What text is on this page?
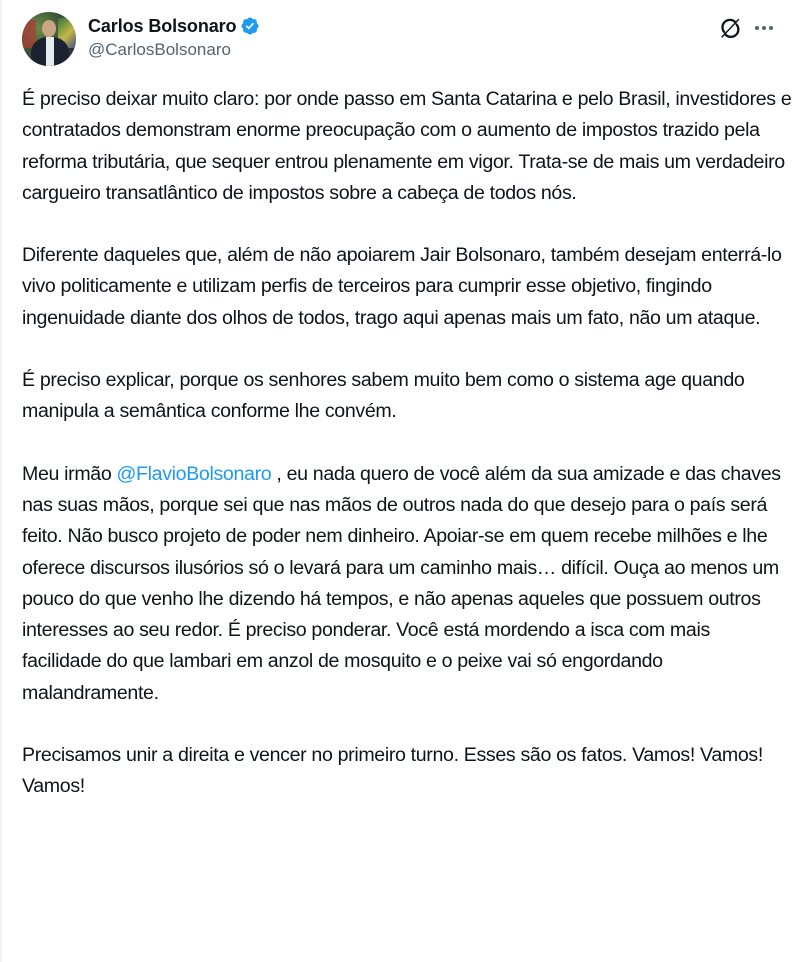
Carlos Bolsonaro
@CarlosBolsonaro

É preciso deixar muito claro: por onde passo em Santa Catarina e pelo Brasil, investidores e contratados demonstram enorme preocupação com o aumento de impostos trazido pela reforma tributária, que sequer entrou plenamente em vigor. Trata-se de mais um verdadeiro cargueiro transatlântico de impostos sobre a cabeça de todos nós.

Diferente daqueles que, além de não apoiarem Jair Bolsonaro, também desejam enterrá-lo vivo politicamente e utilizam perfis de terceiros para cumprir esse objetivo, fingindo ingenuidade diante dos olhos de todos, trago aqui apenas mais um fato, não um ataque.

É preciso explicar, porque os senhores sabem muito bem como o sistema age quando manipula a semântica conforme lhe convém.

Meu irmão @FlavioBolsonaro , eu nada quero de você além da sua amizade e das chaves nas suas mãos, porque sei que nas mãos de outros nada do que desejo para o país será feito. Não busco projeto de poder nem dinheiro. Apoiar-se em quem recebe milhões e lhe oferece discursos ilusórios só o levará para um caminho mais… difícil. Ouça ao menos um pouco do que venho lhe dizendo há tempos, e não apenas aqueles que possuem outros interesses ao seu redor. É preciso ponderar. Você está mordendo a isca com mais facilidade do que lambari em anzol de mosquito e o peixe vai só engordando malandramente.

Precisamos unir a direita e vencer no primeiro turno. Esses são os fatos. Vamos! Vamos! Vamos!
